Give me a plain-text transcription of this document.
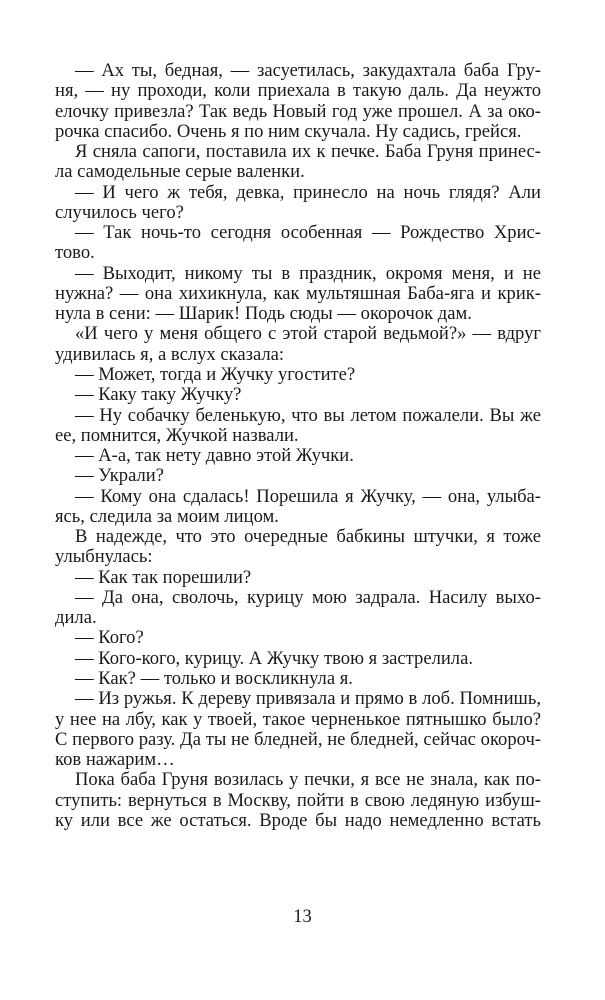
— Ах ты, бедная, — засуетилась, закудахтала баба Гру-
ня, — ну проходи, коли приехала в такую даль. Да неужто
елочку привезла? Так ведь Новый год уже прошел. А за око-
рочка спасибо. Очень я по ним скучала. Ну садись, грейся.
Я сняла сапоги, поставила их к печке. Баба Груня принес-
ла самодельные серые валенки.
— И чего ж тебя, девка, принесло на ночь глядя? Али
случилось чего?
— Так ночь-то сегодня особенная — Рождество Хрис-
тово.
— Выходит, никому ты в праздник, окромя меня, и не
нужна? — она хихикнула, как мультяшная Баба-яга и крик-
нула в сени: — Шарик! Подь сюды — окорочок дам.
«И чего у меня общего с этой старой ведьмой?» — вдруг
удивилась я, а вслух сказала:
— Может, тогда и Жучку угостите?
— Каку таку Жучку?
— Ну собачку беленькую, что вы летом пожалели. Вы же
ее, помнится, Жучкой назвали.
— А-а, так нету давно этой Жучки.
— Украли?
— Кому она сдалась! Порешила я Жучку, — она, улыба-
ясь, следила за моим лицом.
В надежде, что это очередные бабкины штучки, я тоже
улыбнулась:
— Как так порешили?
— Да она, сволочь, курицу мою задрала. Насилу выхо-
дила.
— Кого?
— Кого-кого, курицу. А Жучку твою я застрелила.
— Как? — только и воскликнула я.
— Из ружья. К дереву привязала и прямо в лоб. Помнишь,
у нее на лбу, как у твоей, такое черненькое пятнышко было?
С первого разу. Да ты не бледней, не бледней, сейчас окороч-
ков нажарим…
Пока баба Груня возилась у печки, я все не знала, как по-
ступить: вернуться в Москву, пойти в свою ледяную избуш-
ку или все же остаться. Вроде бы надо немедленно встать
13
